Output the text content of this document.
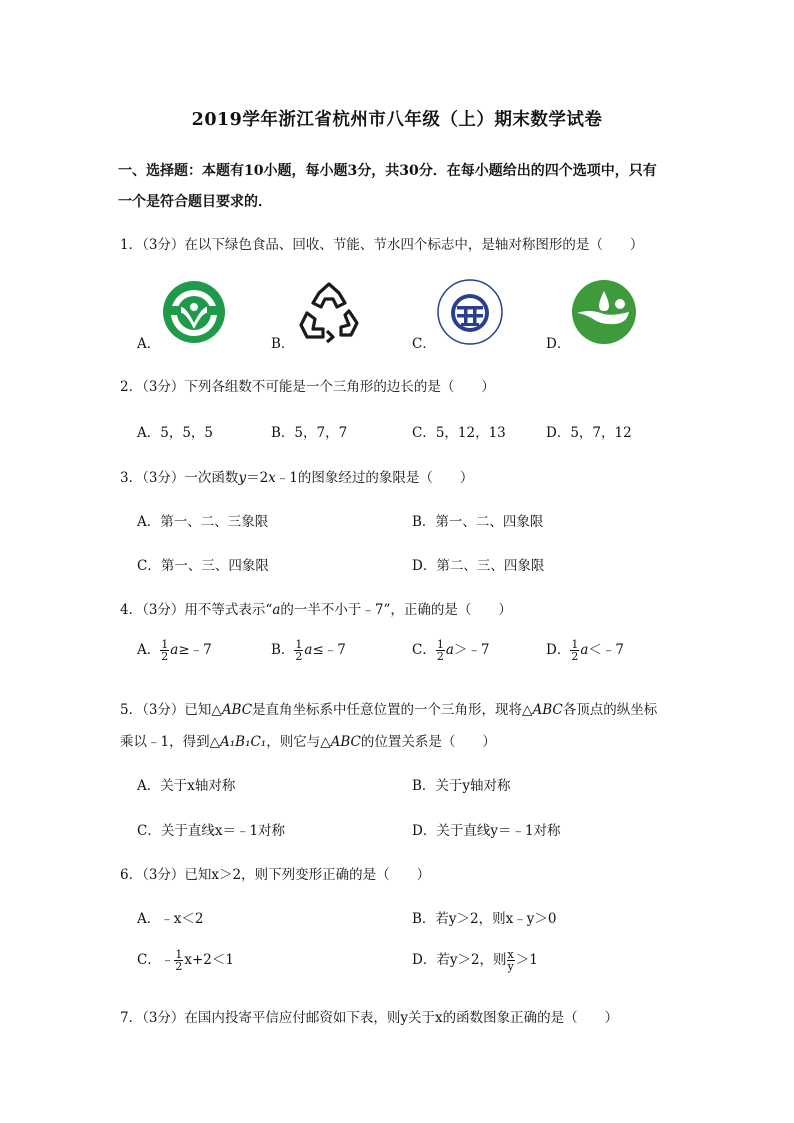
2019学年浙江省杭州市八年级（上）期末数学试卷
一、选择题：本题有10小题，每小题3分，共30分．在每小题给出的四个选项中，只有
一个是符合题目要求的．
1．（3分）在以下绿色食品、回收、节能、节水四个标志中，是轴对称图形的是（　　）
A．	B．	C．	D．
2．（3分）下列各组数不可能是一个三角形的边长的是（　　）
A．5，5，5	B．5，7，7	C．5，12，13	D．5，7，12
3．（3分）一次函数y＝2x﹣1的图象经过的象限是（　　）
A．第一、二、三象限	B．第一、二、四象限
C．第一、三、四象限	D．第二、三、四象限
4．（3分）用不等式表示“a的一半不小于﹣7”，正确的是（　　）
A． $\frac{1}{2}$ a≥﹣7	B． $\frac{1}{2}$ a≤﹣7	C． $\frac{1}{2}$ a＞﹣7	D． $\frac{1}{2}$ a＜﹣7
5．（3分）已知△ABC是直角坐标系中任意位置的一个三角形，现将△ABC各顶点的纵坐标
乘以﹣1，得到△A₁B₁C₁，则它与△ABC的位置关系是（　　）
A．关于x轴对称	B．关于y轴对称
C．关于直线x＝﹣1对称	D．关于直线y＝﹣1对称
6．（3分）已知x＞2，则下列变形正确的是（　　）
A．﹣x＜2	B．若y＞2，则x﹣y＞0
C．﹣ $\frac{1}{2} x+2<1$	D．若y＞2，则 $\frac{x}{y} >1$
7．（3分）在国内投寄平信应付邮资如下表，则y关于x的函数图象正确的是（　　）
